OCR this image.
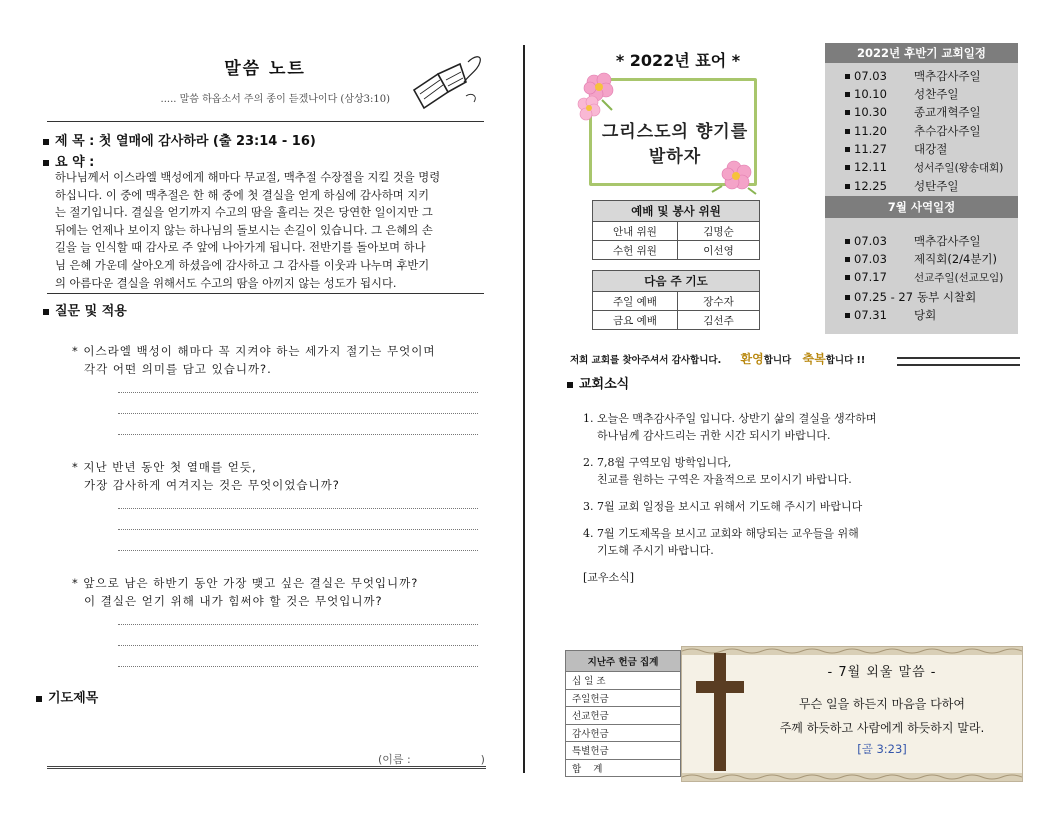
말씀 노트
..... 말씀 하옵소서 주의 종이 듣겠나이다 (삼상3:10)
제 목 : 첫 열매에 감사하라 (출 23:14 - 16)
요 약 :
하나님께서 이스라엘 백성에게 해마다 무교절, 맥추절 수장절을 지킬 것을 명령
하십니다. 이 중에 맥추절은 한 해 중에 첫 결실을 얻게 하심에 감사하며 지키
는 절기입니다. 결실을 얻기까지 수고의 땀을 흘리는 것은 당연한 일이지만 그
뒤에는 언제나 보이지 않는 하나님의 돌보시는 손길이 있습니다. 그 은혜의 손
길을 늘 인식할 때 감사로 주 앞에 나아가게 됩니다. 전반기를 돌아보며 하나
님 은혜 가운데 살아오게 하셨음에 감사하고 그 감사를 이웃과 나누며 후반기
의 아름다운 결실을 위해서도 수고의 땀을 아끼지 않는 성도가 됩시다.
질문 및 적용
* 이스라엘 백성이 해마다 꼭 지켜야 하는 세가지 절기는 무엇이며
각각 어떤 의미를 담고 있습니까?.
* 지난 반년 동안 첫 열매를 얻듯,
가장 감사하게 여겨지는 것은 무엇이었습니까?
* 앞으로 남은 하반기 동안 가장 맺고 싶은 결실은 무엇입니까?
이 결실은 얻기 위해 내가 힘써야 할 것은 무엇입니까?
기도제목
(이름 :                    )
* 2022년 표어 *
그리스도의 향기를 발하자
예배 및 봉사 위원	
안내 위원	김명순
수헌 위원	이선영
다음 주 기도	
주일 예배	장수자
금요 예배	김선주
2022년 후반기 교회일정
07.03 맥추감사주일
10.10 성찬주일
10.30 종교개혁주일
11.20 추수감사주일
11.27 대강절
12.11	성서주일(왕송대회)
12.25 성탄주일
7월 사역일정
07.03 맥추감사주일
07.03 제직회(2/4분기)
07.17	선교주일(선교모임)
07.25 - 27 동부 시찰회
07.31 당회
저희 교회를 찾아주셔서 감사합니다. 환영합니다 축복합니다 !!
교회소식
1. 오늘은 맥추감사주일 입니다. 상반기 삶의 결실을 생각하며
하나님께 감사드리는 귀한 시간 되시기 바랍니다.
2. 7,8월 구역모임 방학입니다,
친교를 원하는 구역은 자율적으로 모이시기 바랍니다.
3. 7월 교회 일정을 보시고 위해서 기도해 주시기 바랍니다
4. 7월 기도제목을 보시고 교회와 해당되는 교우들을 위해
기도해 주시기 바랍니다.
[교우소식]
지난주 헌금 집계
십 일 조
주일헌금
선교헌금
감사헌금
특별헌금
합    계
- 7월 외울 말씀 -
무슨 일을 하든지 마음을 다하여
주께 하듯하고 사람에게 하듯하지 말라.
[골 3:23]
